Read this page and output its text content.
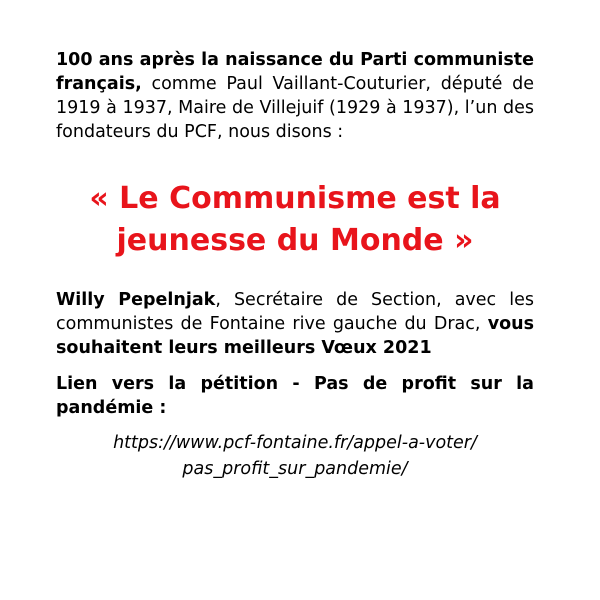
100 ans après la naissance du Parti communiste français, comme Paul Vaillant-Couturier, député de 1919 à 1937, Maire de Villejuif (1929 à 1937), l’un des fondateurs du PCF, nous disons :

« Le Communisme est la
jeunesse du Monde »

Willy Pepelnjak, Secrétaire de Section, avec les communistes de Fontaine rive gauche du Drac, vous souhaitent leurs meilleurs Vœux 2021

Lien vers la pétition - Pas de profit sur la pandémie :

https://www.pcf-fontaine.fr/appel-a-voter/
pas_profit_sur_pandemie/
